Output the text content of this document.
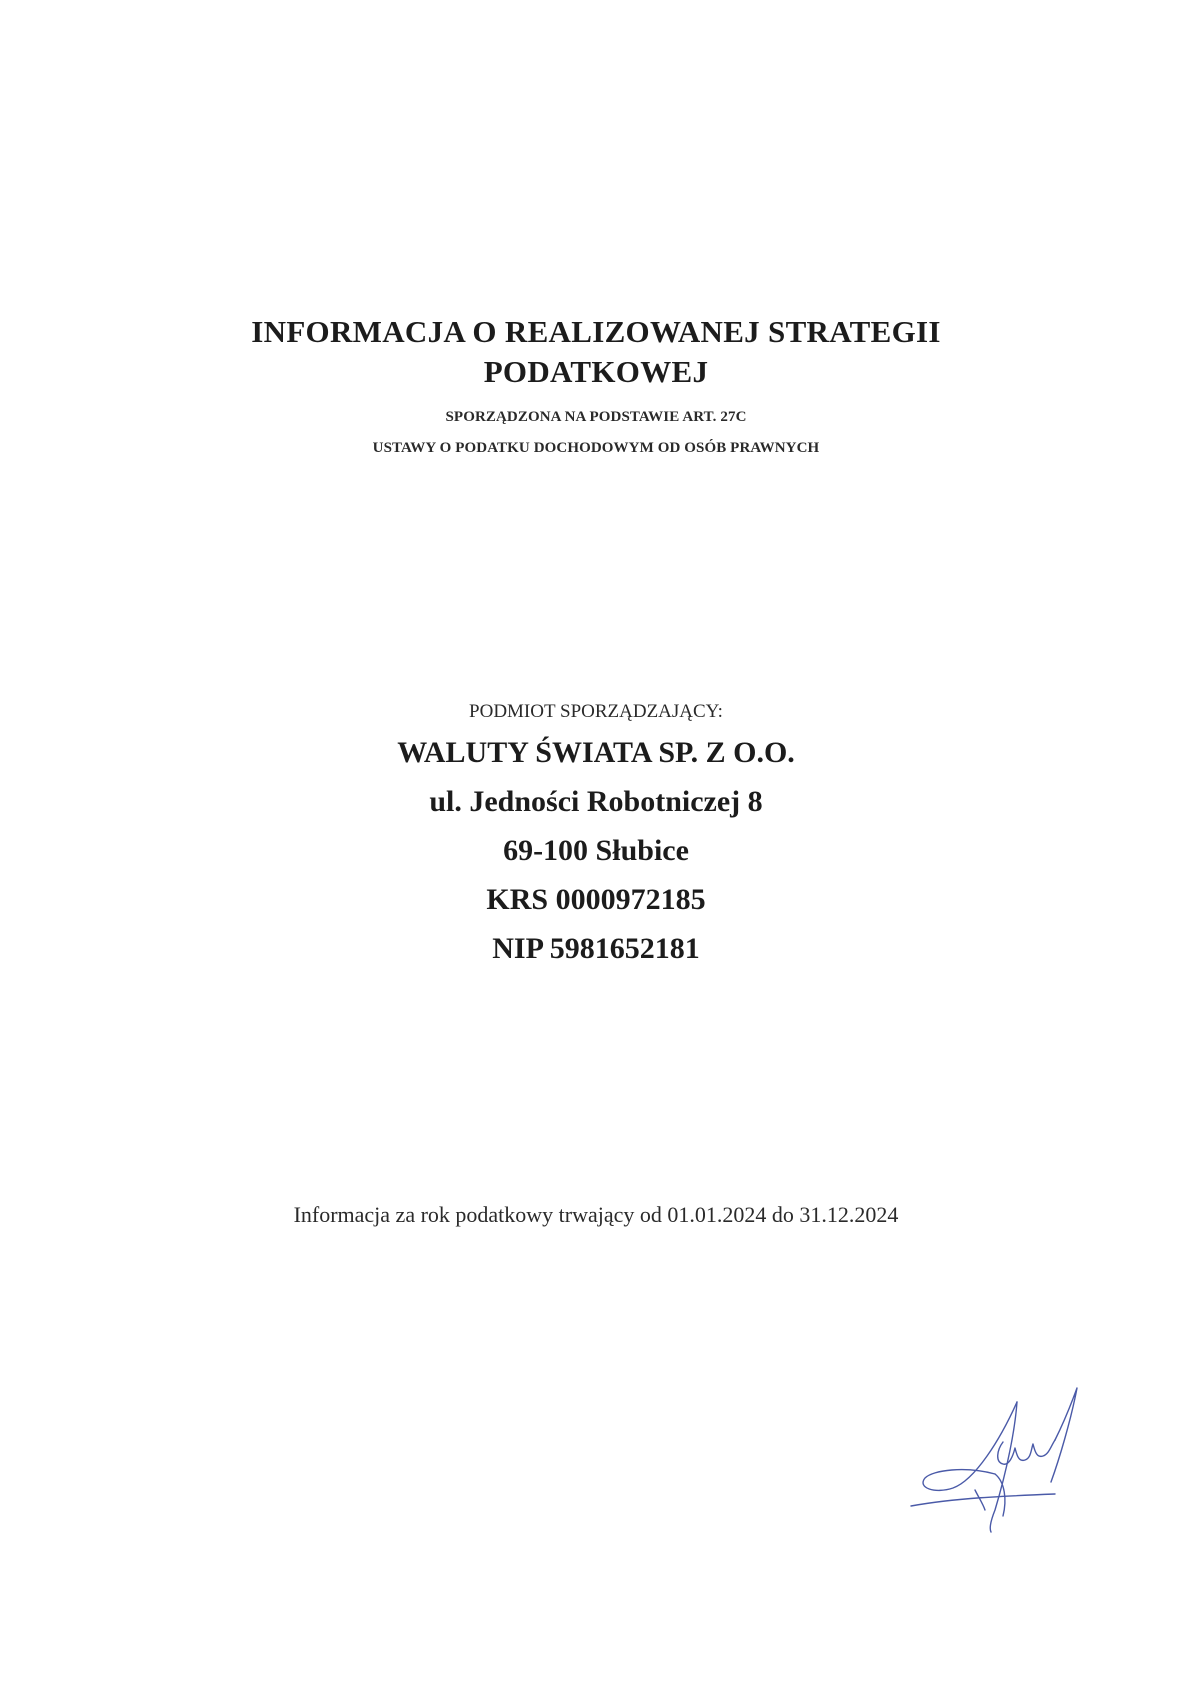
INFORMACJA O REALIZOWANEJ STRATEGII
PODATKOWEJ
SPORZĄDZONA NA PODSTAWIE ART. 27C
USTAWY O PODATKU DOCHODOWYM OD OSÓB PRAWNYCH
PODMIOT SPORZĄDZAJĄCY:
WALUTY ŚWIATA SP. Z O.O.
ul. Jedności Robotniczej 8
69-100 Słubice
KRS 0000972185
NIP 5981652181
Informacja za rok podatkowy trwający od 01.01.2024 do 31.12.2024
